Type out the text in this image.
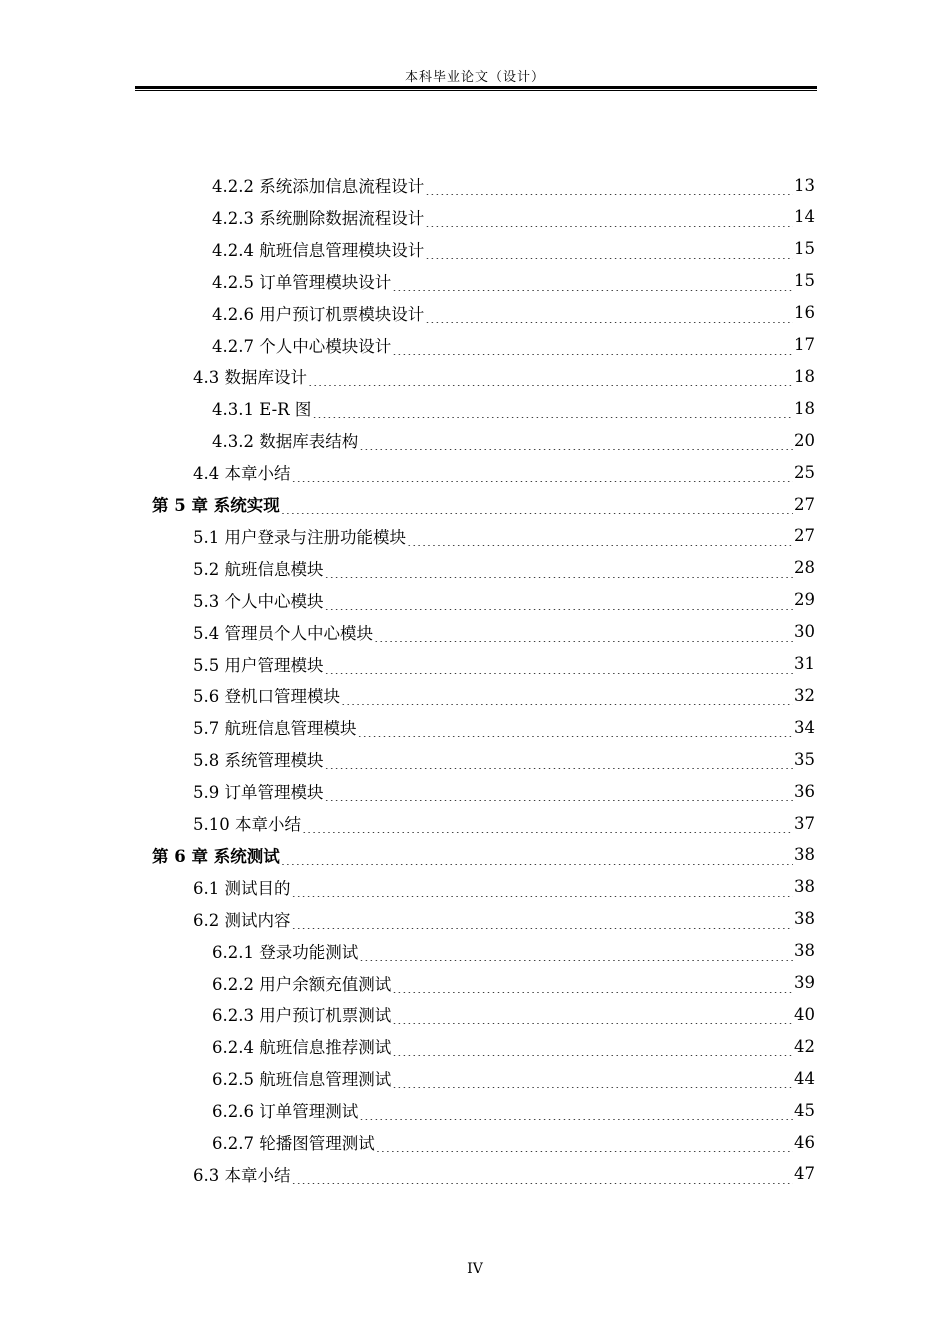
本科毕业论文（设计）
4.2.2 系统添加信息流程设计 .....	13
4.2.3 系统删除数据流程设计 .....	14
4.2.4 航班信息管理模块设计 .....	15
4.2.5 订单管理模块设计 .....	15
4.2.6 用户预订机票模块设计 .....	16
4.2.7 个人中心模块设计 .....	17
4.3 数据库设计 .....	18
4.3.1 E-R 图 .....	18
4.3.2 数据库表结构 .....	20
4.4 本章小结 .....	25
第 5 章 系统实现 .....	27
5.1 用户登录与注册功能模块 .....	27
5.2 航班信息模块 .....	28
5.3 个人中心模块 .....	29
5.4 管理员个人中心模块 .....	30
5.5 用户管理模块 .....	31
5.6 登机口管理模块 .....	32
5.7 航班信息管理模块 .....	34
5.8 系统管理模块 .....	35
5.9 订单管理模块 .....	36
5.10 本章小结 .....	37
第 6 章 系统测试 .....	38
6.1 测试目的 .....	38
6.2 测试内容 .....	38
6.2.1 登录功能测试 .....	38
6.2.2 用户余额充值测试 .....	39
6.2.3 用户预订机票测试 .....	40
6.2.4 航班信息推荐测试 .....	42
6.2.5 航班信息管理测试 .....	44
6.2.6 订单管理测试 .....	45
6.2.7 轮播图管理测试 .....	46
6.3 本章小结 .....	47
IV
